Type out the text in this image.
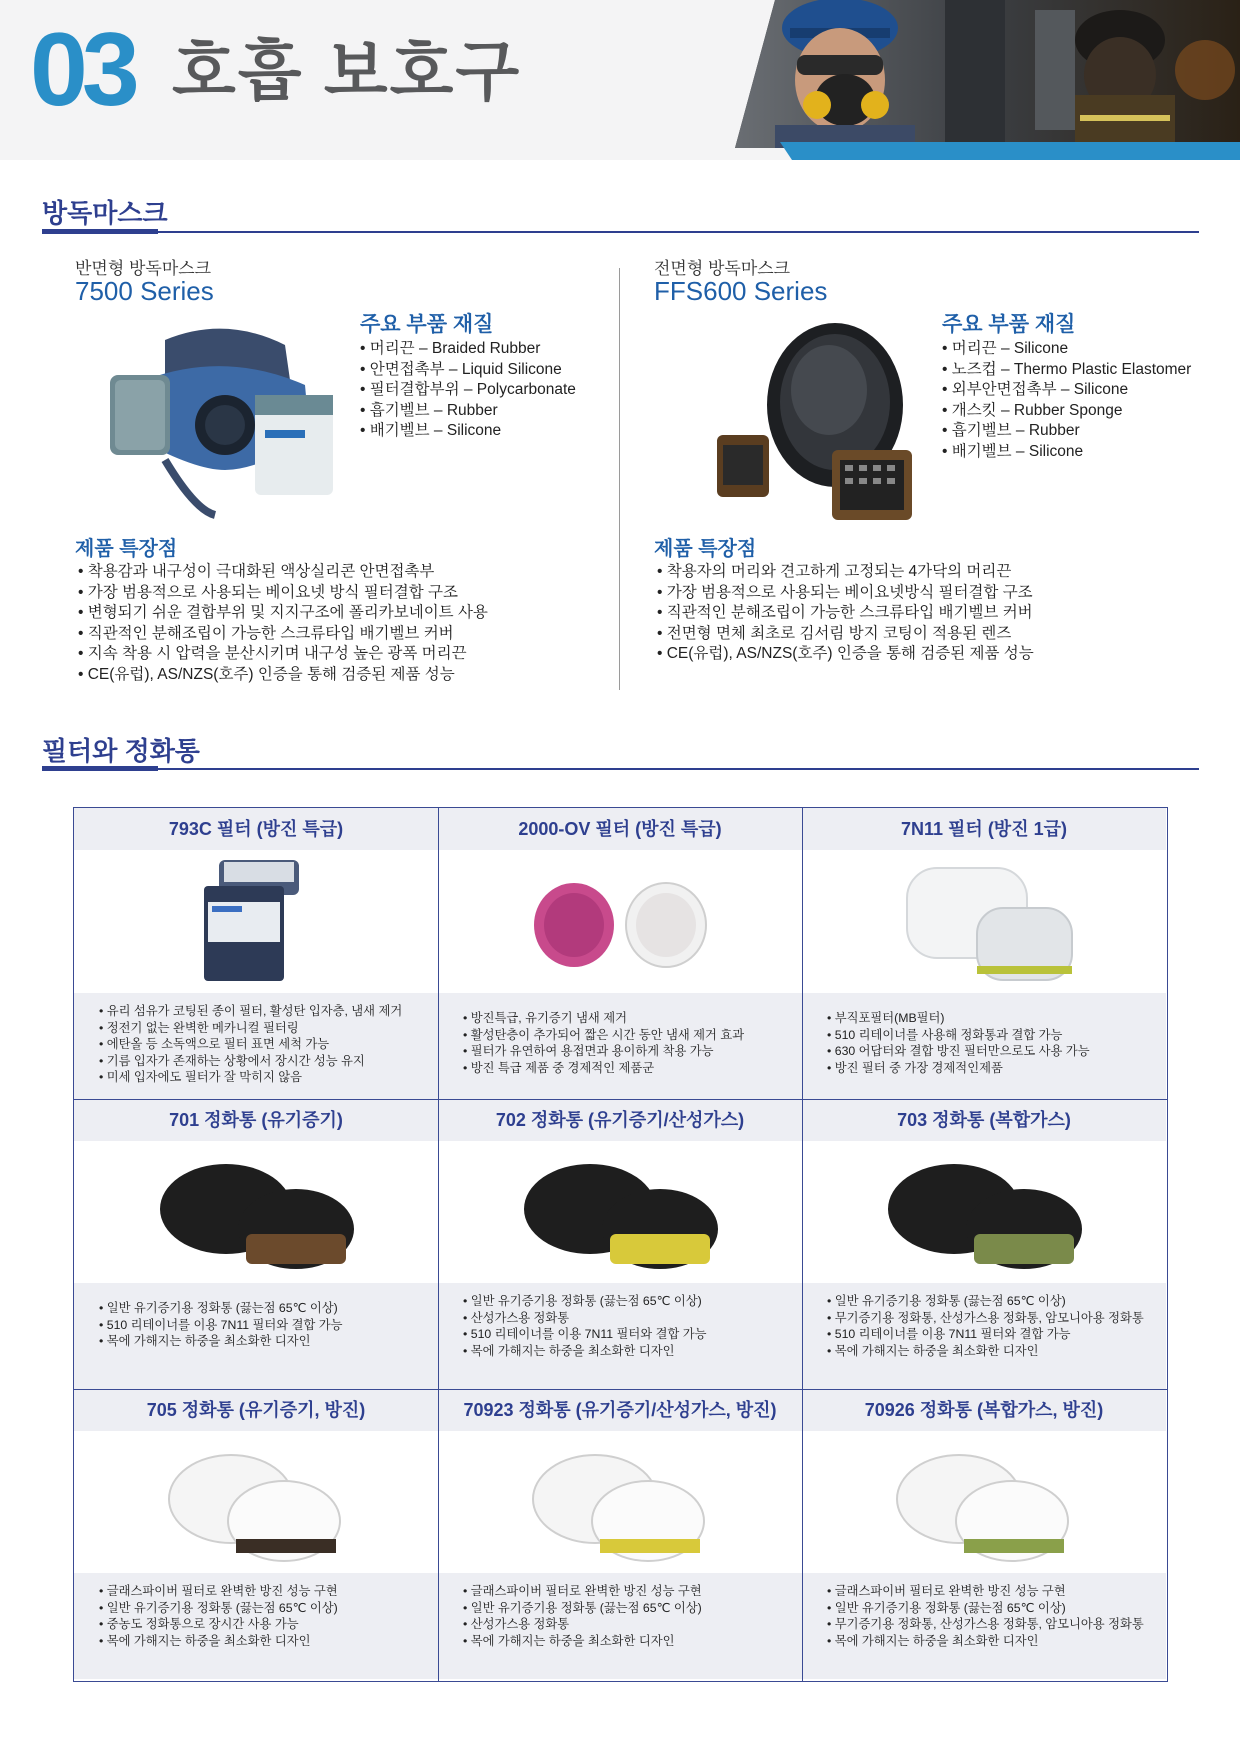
03 호흡 보호구
방독마스크
반면형 방독마스크
7500 Series
주요 부품 재질
• 머리끈 – Braided Rubber
• 안면접촉부 – Liquid Silicone
• 필터결합부위 – Polycarbonate
• 흡기벨브 – Rubber
• 배기벨브 – Silicone
제품 특장점
• 착용감과 내구성이 극대화된 액상실리콘 안면접촉부
• 가장 범용적으로 사용되는 베이요넷 방식 필터결합 구조
• 변형되기 쉬운 결합부위 및 지지구조에 폴리카보네이트 사용
• 직관적인 분해조립이 가능한 스크류타입 배기벨브 커버
• 지속 착용 시 압력을 분산시키며 내구성 높은 광폭 머리끈
• CE(유럽), AS/NZS(호주) 인증을 통해 검증된 제품 성능
전면형 방독마스크
FFS600 Series
주요 부품 재질
• 머리끈 – Silicone
• 노즈컵 – Thermo Plastic Elastomer
• 외부안면접촉부 – Silicone
• 개스킷 – Rubber Sponge
• 흡기벨브 – Rubber
• 배기벨브 – Silicone
제품 특장점
• 착용자의 머리와 견고하게 고정되는 4가닥의 머리끈
• 가장 범용적으로 사용되는 베이요넷방식 필터결합 구조
• 직관적인 분해조립이 가능한 스크류타입 배기벨브 커버
• 전면형 면체 최초로 김서림 방지 코팅이 적용된 렌즈
• CE(유럽), AS/NZS(호주) 인증을 통해 검증된 제품 성능
필터와 정화통
793C 필터 (방진 특급)
• 유리 섬유가 코팅된 종이 필터, 활성탄 입자층, 냄새 제거
• 정전기 없는 완벽한 메카니컬 필터링
• 에탄올 등 소독액으로 필터 표면 세척 가능
• 기름 입자가 존재하는 상황에서 장시간 성능 유지
• 미세 입자에도 필터가 잘 막히지 않음
2000-OV 필터 (방진 특급)
• 방진특급, 유기증기 냄새 제거
• 활성탄층이 추가되어 짧은 시간 동안 냄새 제거 효과
• 필터가 유연하여 용접면과 용이하게 착용 가능
• 방진 특급 제품 중 경제적인 제품군
7N11 필터 (방진 1급)
• 부직포필터(MB필터)
• 510 리테이너를 사용해 정화통과 결합 가능
• 630 어답터와 결합 방진 필터만으로도 사용 가능
• 방진 필터 중 가장 경제적인제품
701 정화통 (유기증기)
• 일반 유기증기용 정화통 (끓는점 65℃ 이상)
• 510 리테이너를 이용 7N11 필터와 결합 가능
• 목에 가해지는 하중을 최소화한 디자인
702 정화통 (유기증기/산성가스)
• 일반 유기증기용 정화통 (끓는점 65℃ 이상)
• 산성가스용 정화통
• 510 리테이너를 이용 7N11 필터와 결합 가능
• 목에 가해지는 하중을 최소화한 디자인
703 정화통 (복합가스)
• 일반 유기증기용 정화통 (끓는점 65℃ 이상)
• 무기증기용 정화통, 산성가스용 정화통, 암모니아용 정화통
• 510 리테이너를 이용 7N11 필터와 결합 가능
• 목에 가해지는 하중을 최소화한 디자인
705 정화통 (유기증기, 방진)
• 글래스파이버 필터로 완벽한 방진 성능 구현
• 일반 유기증기용 정화통 (끓는점 65℃ 이상)
• 중농도 정화통으로 장시간 사용 가능
• 목에 가해지는 하중을 최소화한 디자인
70923 정화통 (유기증기/산성가스, 방진)
• 글래스파이버 필터로 완벽한 방진 성능 구현
• 일반 유기증기용 정화통 (끓는점 65℃ 이상)
• 산성가스용 정화통
• 목에 가해지는 하중을 최소화한 디자인
70926 정화통 (복합가스, 방진)
• 글래스파이버 필터로 완벽한 방진 성능 구현
• 일반 유기증기용 정화통 (끓는점 65℃ 이상)
• 무기증기용 정화통, 산성가스용 정화통, 암모니아용 정화통
• 목에 가해지는 하중을 최소화한 디자인
